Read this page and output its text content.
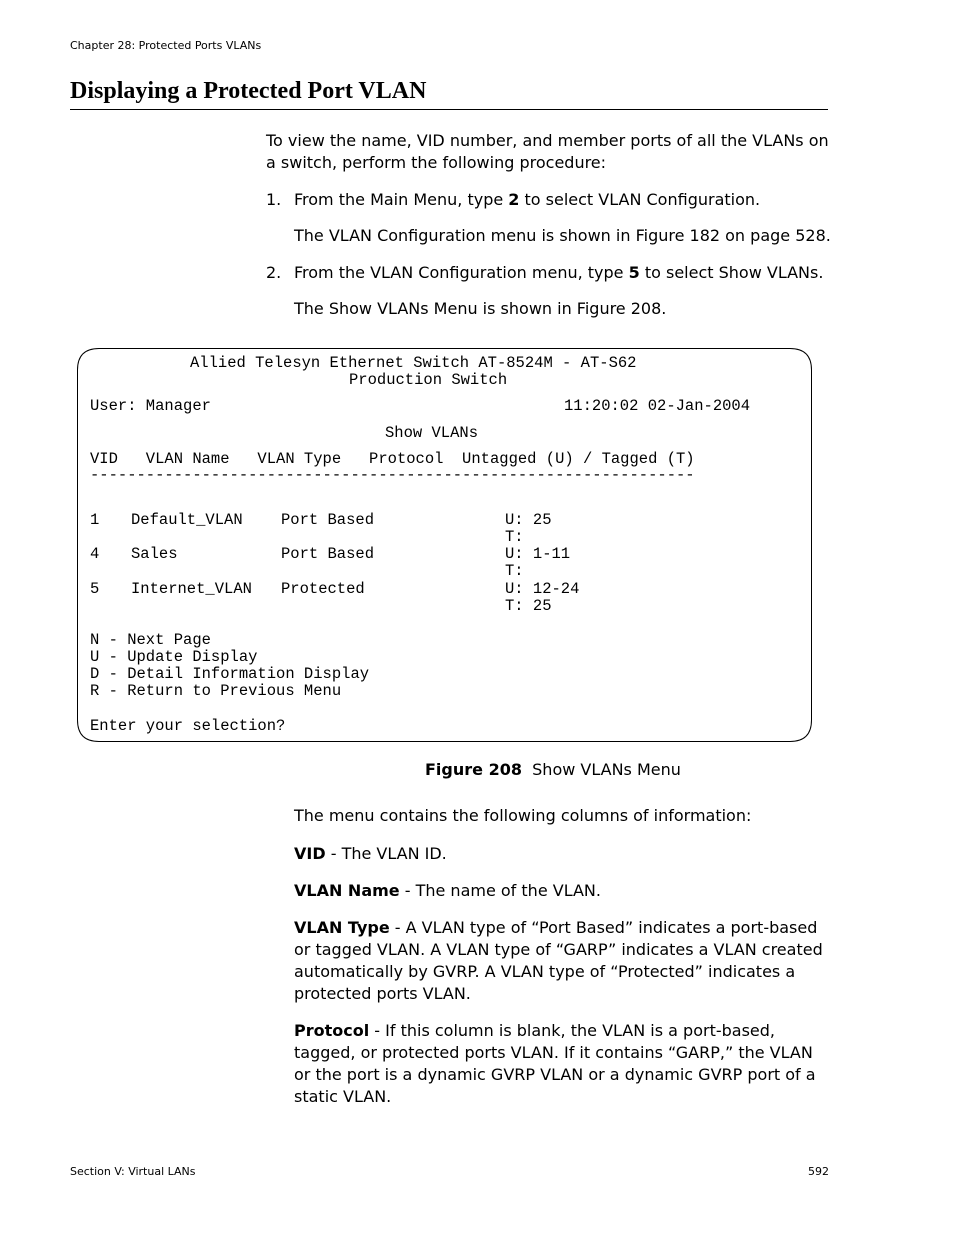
Chapter 28: Protected Ports VLANs
Displaying a Protected Port VLAN
To view the name, VID number, and member ports of all the VLANs on a switch, perform the following procedure:
1. From the Main Menu, type 2 to select VLAN Configuration.
The VLAN Configuration menu is shown in Figure 182 on page 528.
2. From the VLAN Configuration menu, type 5 to select Show VLANs.
The Show VLANs Menu is shown in Figure 208.
Allied Telesyn Ethernet Switch AT-8524M - AT-S62
Production Switch
User: Manager	11:20:02 02-Jan-2004
Show VLANs
VID   VLAN Name   VLAN Type   Protocol  Untagged (U) / Tagged (T)
-----------------------------------------------------------------
1 Default_VLAN Port Based	U: 25
T:
4 Sales	Port Based	U: 1-11
T:
5 Internet_VLAN Protected	U: 12-24
T: 25
N - Next Page
U - Update Display
D - Detail Information Display
R - Return to Previous Menu
Enter your selection?
Figure 208 Show VLANs Menu
The menu contains the following columns of information:
VID - The VLAN ID.
VLAN Name - The name of the VLAN.
VLAN Type - A VLAN type of “Port Based” indicates a port-based or tagged VLAN. A VLAN type of “GARP” indicates a VLAN created automatically by GVRP. A VLAN type of “Protected” indicates a protected ports VLAN.
Protocol - If this column is blank, the VLAN is a port-based, tagged, or protected ports VLAN. If it contains “GARP,” the VLAN or the port is a dynamic GVRP VLAN or a dynamic GVRP port of a static VLAN.
Section V: Virtual LANs	592
